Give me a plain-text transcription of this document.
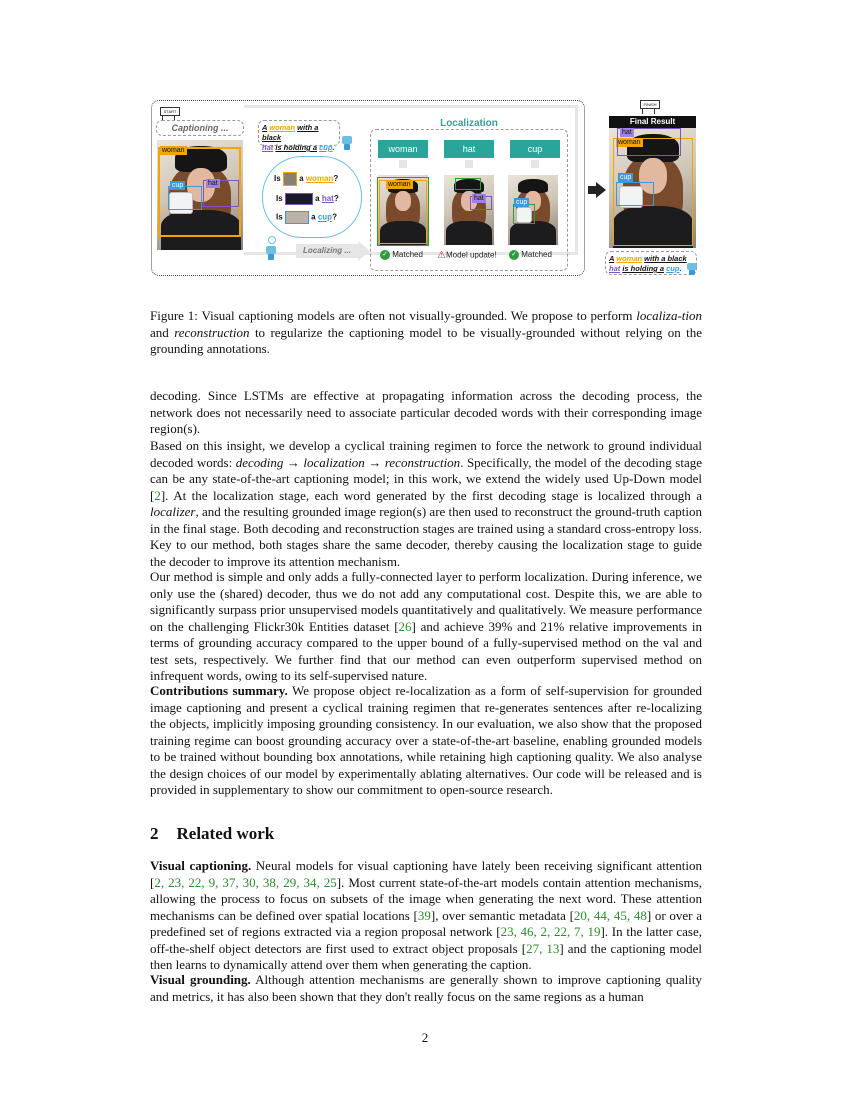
START
Captioning ...
woman
hat
cup
A woman with a black
hat is holding a cup.
Is a woman?
Is	a hat?
Is	a cup?
Localizing ...
Localization
woman	hat	cup
woman
hat
cup
✓ Matched ⚠Model update! ✓ Matched
FINISH
Final Result
woman
hat
cup
A woman with a black
hat is holding a cup.
Figure 1: Visual captioning models are often not visually-grounded. We propose to perform localiza-tion and reconstruction to regularize the captioning model to be visually-grounded without relying on the grounding annotations.

decoding. Since LSTMs are effective at propagating information across the decoding process, the network does not necessarily need to associate particular decoded words with their corresponding image region(s).

Based on this insight, we develop a cyclical training regimen to force the network to ground individual decoded words: decoding → localization → reconstruction. Specifically, the model of the decoding stage can be any state-of-the-art captioning model; in this work, we extend the widely used Up-Down model [2]. At the localization stage, each word generated by the first decoding stage is localized through a localizer, and the resulting grounded image region(s) are then used to reconstruct the ground-truth caption in the final stage. Both decoding and reconstruction stages are trained using a standard cross-entropy loss. Key to our method, both stages share the same decoder, thereby causing the localization stage to guide the decoder to improve its attention mechanism.

Our method is simple and only adds a fully-connected layer to perform localization. During inference, we only use the (shared) decoder, thus we do not add any computational cost. Despite this, we are able to significantly surpass prior unsupervised models quantitatively and qualitatively. We measure performance on the challenging Flickr30k Entities dataset [26] and achieve 39% and 21% relative improvements in terms of grounding accuracy compared to the upper bound of a fully-supervised method on the val and test sets, respectively. We further find that our method can even outperform supervised method on infrequent words, owing to its self-supervised nature.

Contributions summary. We propose object re-localization as a form of self-supervision for grounded image captioning and present a cyclical training regimen that re-generates sentences after re-localizing the objects, implicitly imposing grounding consistency. In our evaluation, we also show that the proposed training regime can boost grounding accuracy over a state-of-the-art baseline, enabling grounded models to be trained without bounding box annotations, while retaining high captioning quality. We also analyse the design choices of our model by experimentally ablating alternatives. Our code will be released and is provided in supplementary to show our commitment to open-source research.

2 Related work

Visual captioning. Neural models for visual captioning have lately been receiving significant attention [2, 23, 22, 9, 37, 30, 38, 29, 34, 25]. Most current state-of-the-art models contain attention mechanisms, allowing the process to focus on subsets of the image when generating the next word. These attention mechanisms can be defined over spatial locations [39], over semantic metadata [20, 44, 45, 48] or over a predefined set of regions extracted via a region proposal network [23, 46, 2, 22, 7, 19]. In the latter case, off-the-shelf object detectors are first used to extract object proposals [27, 13] and the captioning model then learns to dynamically attend over them when generating the caption.

Visual grounding. Although attention mechanisms are generally shown to improve captioning quality and metrics, it has also been shown that they don't really focus on the same regions as a human

2
